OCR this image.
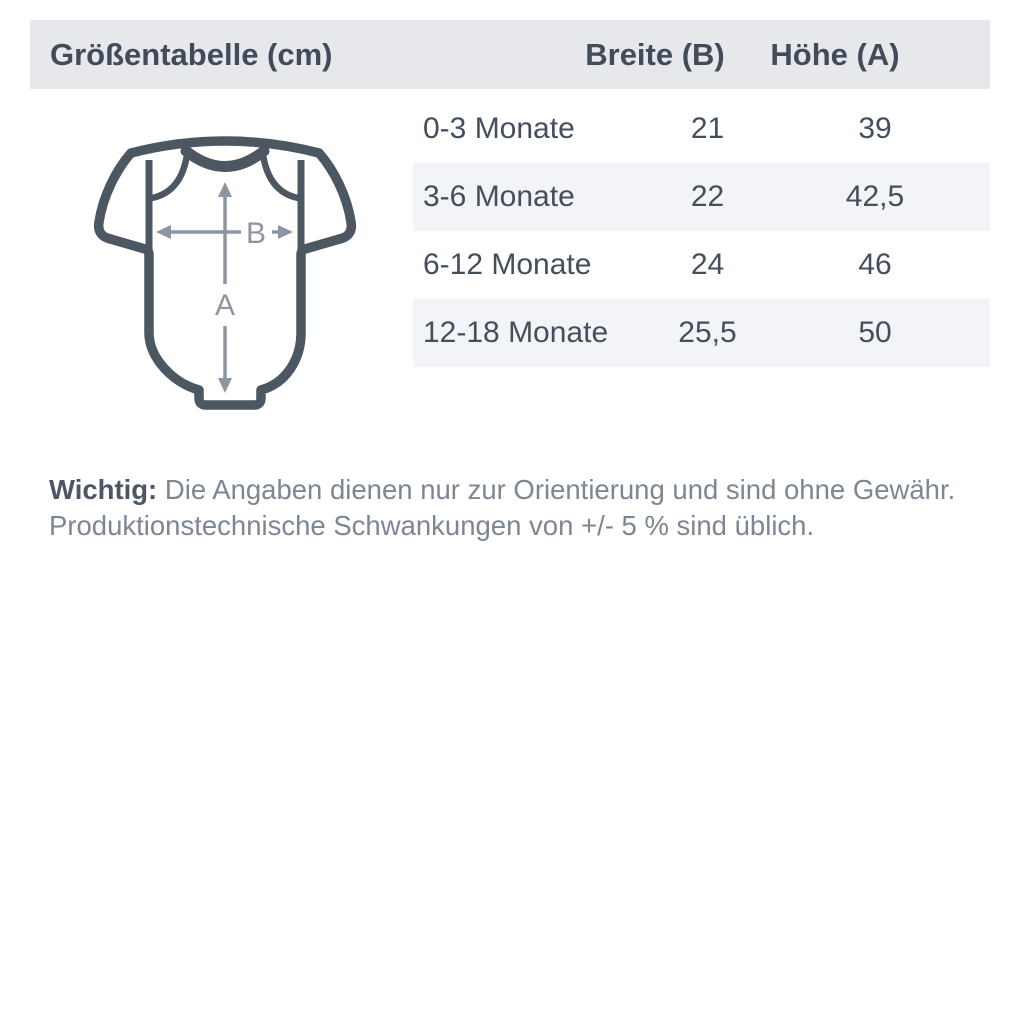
Größentabelle (cm)	Breite (B) Höhe (A)
A
B
0-3 Monate	21	39
3-6 Monate	22	42,5
6-12 Monate	24	46
12-18 Monate	25,5	50

Wichtig: Die Angaben dienen nur zur Orientierung und sind ohne Gewähr.
Produktionstechnische Schwankungen von +/- 5 % sind üblich.
